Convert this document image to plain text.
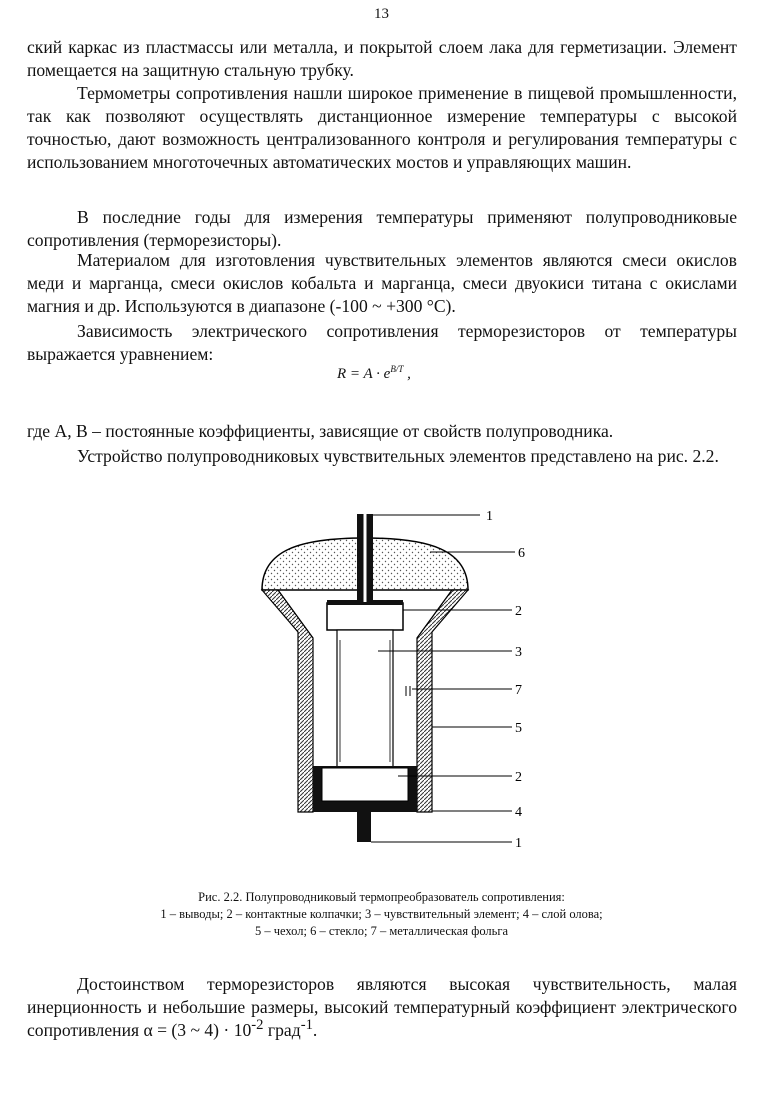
13
ский каркас из пластмассы или металла, и покрытой слоем лака для герметизации. Элемент помещается на защитную стальную трубку.
Термометры сопротивления нашли широкое применение в пищевой промышленности, так как позволяют осуществлять дистанционное измерение температуры с высокой точностью, дают возможность централизованного контроля и регулирования температуры с использованием многоточечных автоматических мостов и управляющих машин.
В последние годы для измерения температуры применяют полупроводниковые сопротивления (терморезисторы).
Материалом для изготовления чувствительных элементов являются смеси окислов меди и марганца, смеси окислов кобальта и марганца, смеси двуокиси титана с окислами магния и др. Используются в диапазоне (-100 ~ +300 °С).
Зависимость электрического сопротивления терморезисторов от температуры выражается уравнением:
$R = A \cdot e^{B/T}$ ,
где A, B – постоянные коэффициенты, зависящие от свойств полупроводника.
Устройство полупроводниковых чувствительных элементов представлено на рис. 2.2.
1
6
2
3
7
5
2
4
1
Рис. 2.2. Полупроводниковый термопреобразователь сопротивления:
1 – выводы; 2 – контактные колпачки; 3 – чувствительный элемент; 4 – слой олова;
5 – чехол; 6 – стекло; 7 – металлическая фольга
Достоинством терморезисторов являются высокая чувствительность, малая инерционность и небольшие размеры, высокий температурный коэффициент электрического сопротивления α = (3 ~ $4) \cdot 10^{-2}$ град$^{-1}$.
